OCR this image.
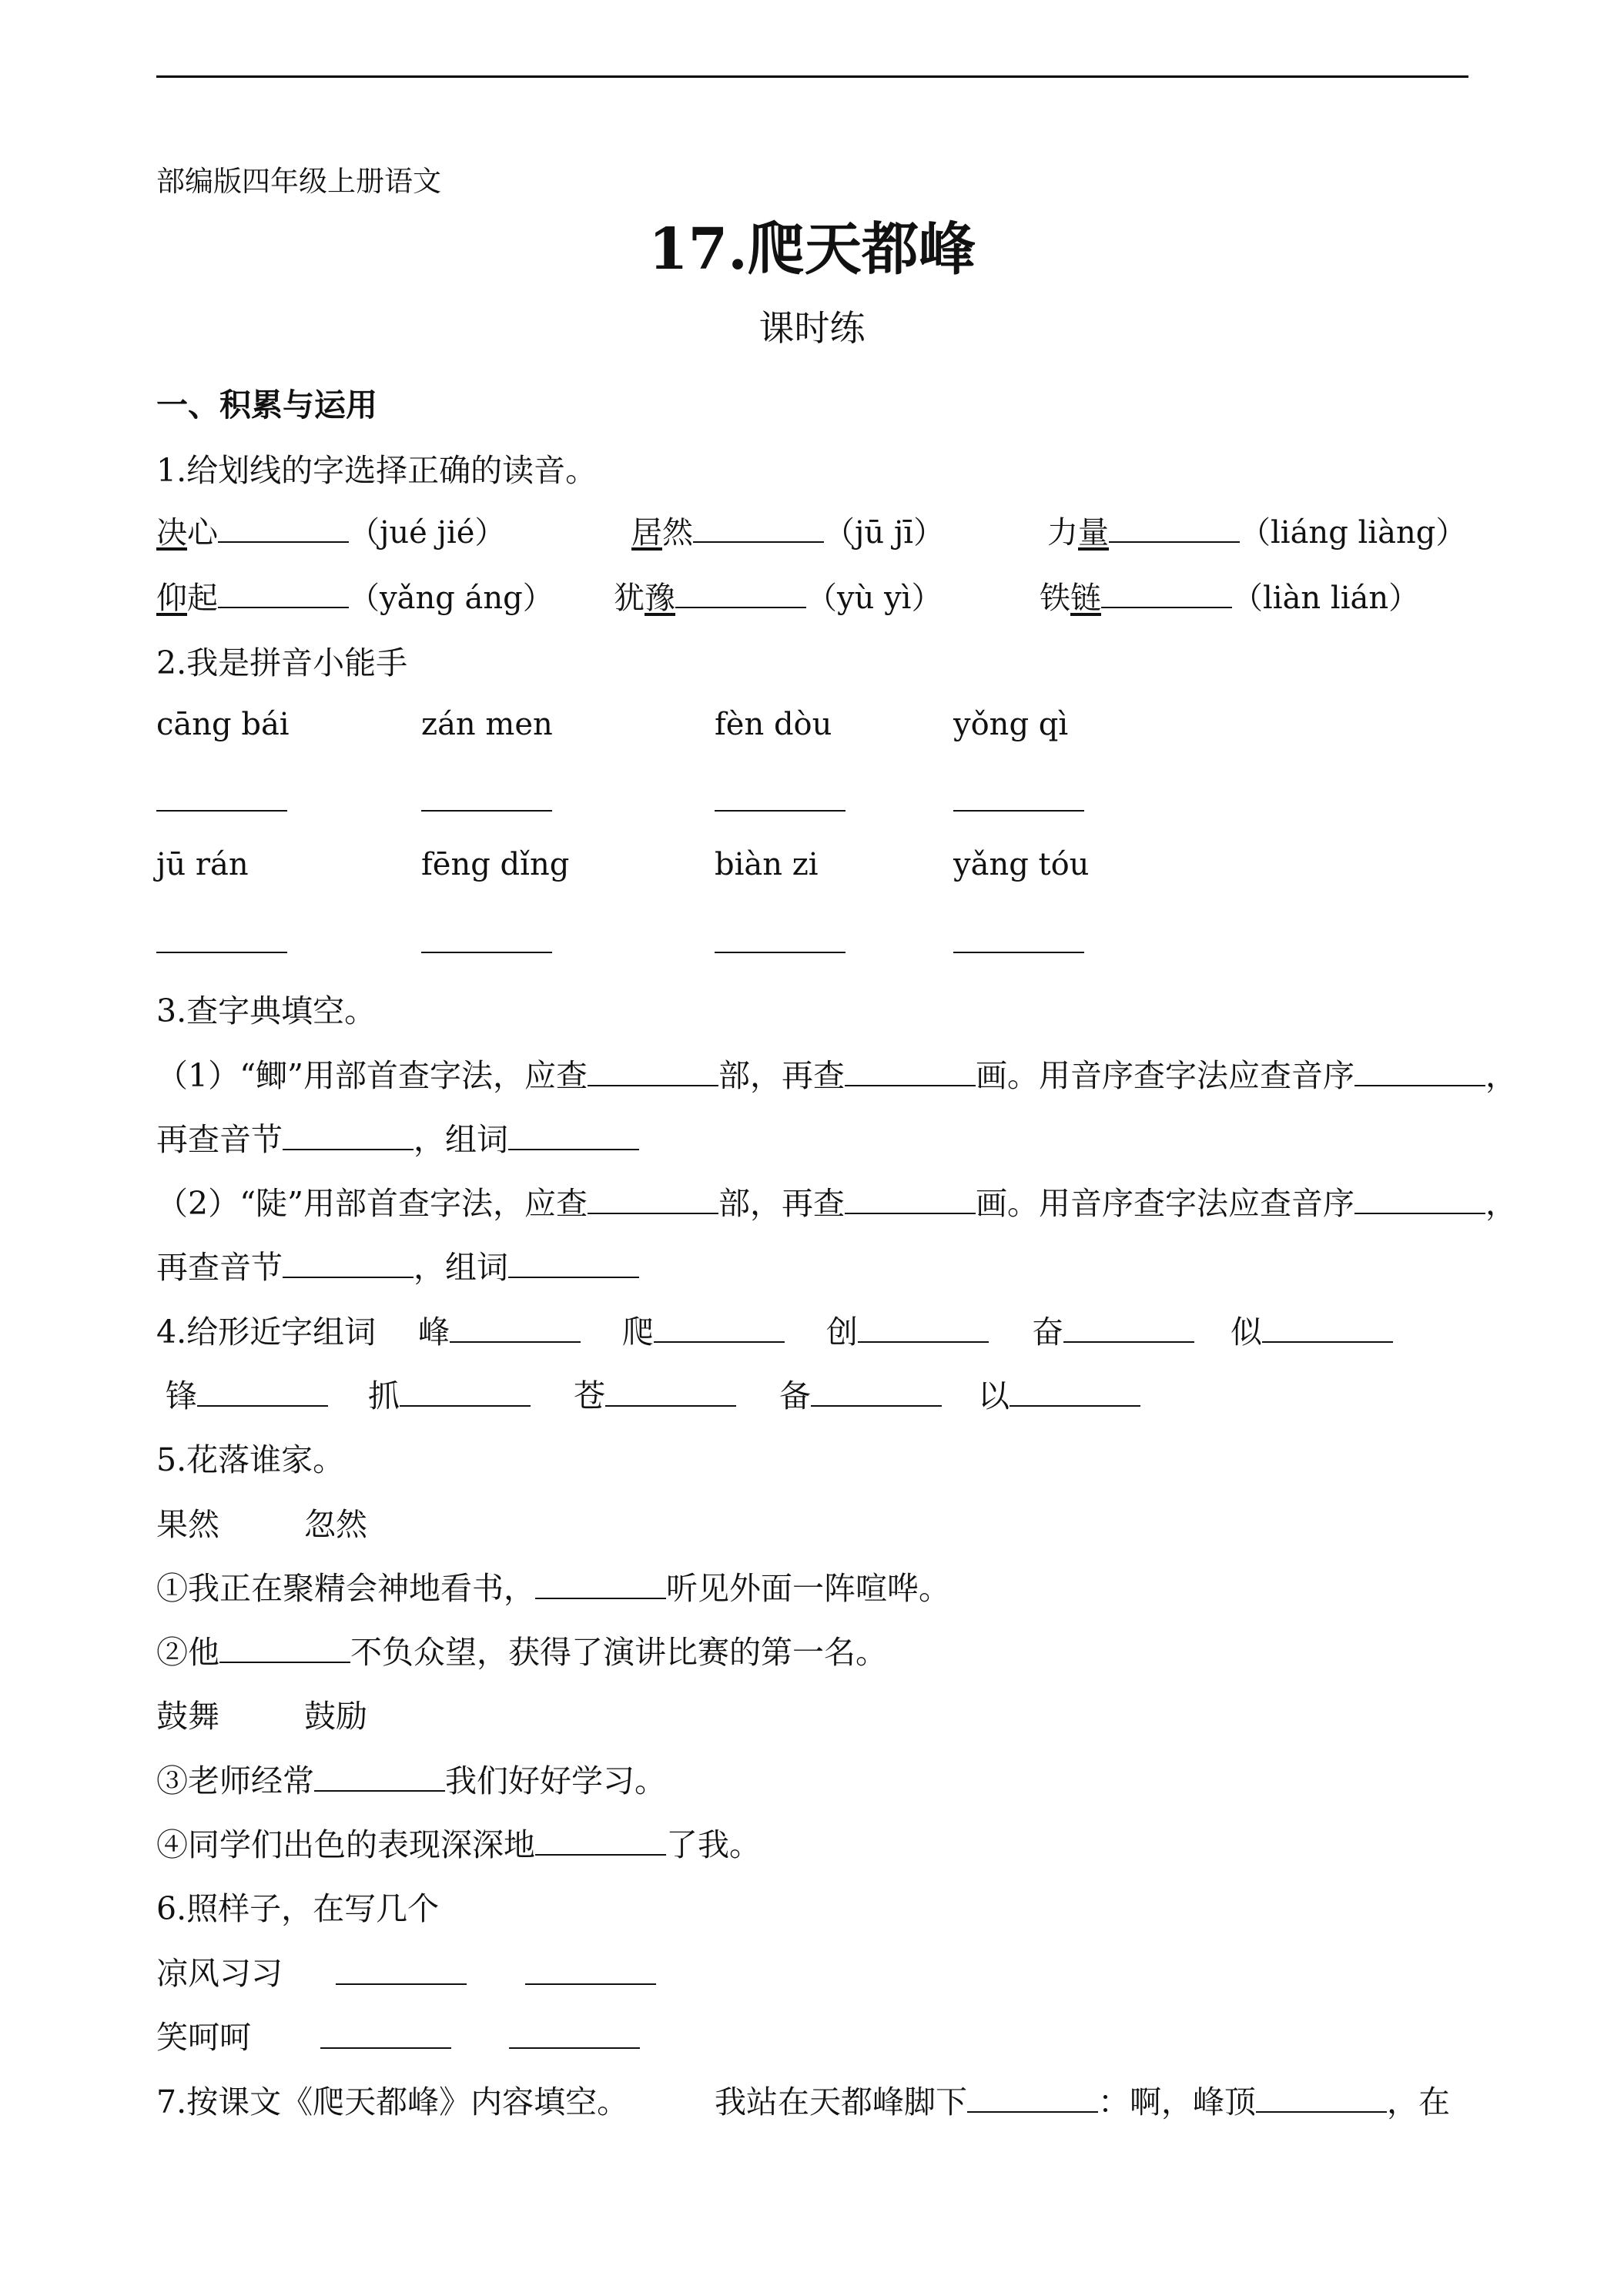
部编版四年级上册语文
17.爬天都峰
课时练
一、积累与运用
1.给划线的字选择正确的读音。
决心	（jué jié）	居然	（jū jī）	力量	（liáng liàng）
仰起	（yǎng áng） 犹豫	（yù yì）	铁链	（liàn lián）
2.我是拼音小能手
cāng bái	zán men	fèn dòu	yǒng qì
jū rán	fēng dǐng	biàn zi	yǎng tóu
3.查字典填空。
（1）“鲫”用部首查字法，应查	部，再查	画。用音序查字法应查音序	，
再查音节	，组词
（2）“陡”用部首查字法，应查	部，再查	画。用音序查字法应查音序	，
再查音节	，组词
4.给形近字组词 峰	爬	创	奋	似
锋	抓	苍	备	以
5.花落谁家。
果然	忽然
①我正在聚精会神地看书，	听见外面一阵喧哗。
②他	不负众望，获得了演讲比赛的第一名。
鼓舞	鼓励
③老师经常	我们好好学习。
④同学们出色的表现深深地	了我。
6.照样子，在写几个
凉风习习
笑呵呵
7.按课文《爬天都峰》内容填空。	我站在天都峰脚下	：啊，峰顶	，在
